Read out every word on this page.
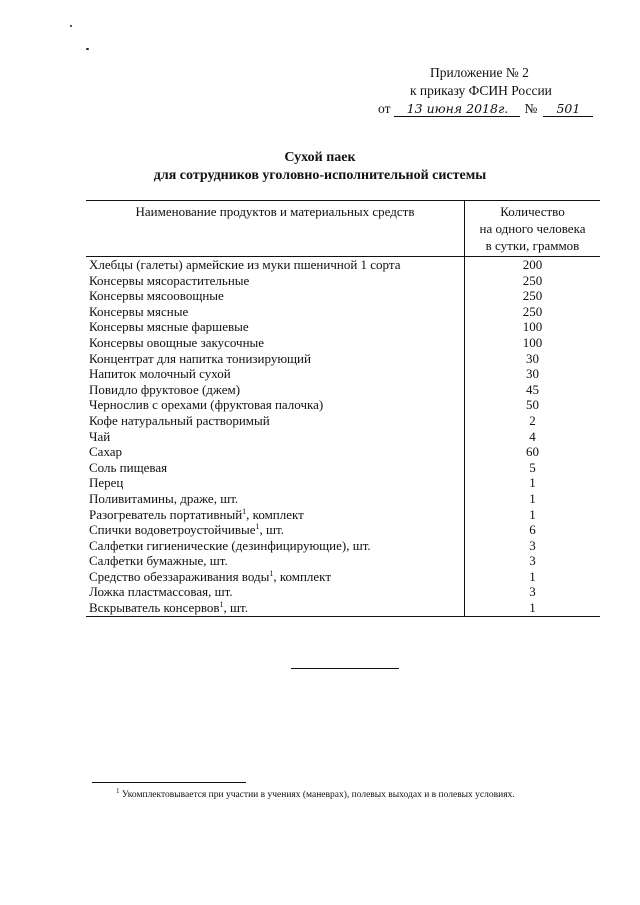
Приложение № 2
к приказу ФСИН России
от	13 июня 2018г.	№	501
Сухой паек
для сотрудников уголовно-исполнительной системы
Наименование продуктов и материальных средств	Количество
на одного человека
в сутки, граммов

Хлебцы (галеты) армейские из муки пшеничной 1 сорта	200
Консервы мясорастительные	250
Консервы мясоовощные	250
Консервы мясные	250
Консервы мясные фаршевые	100
Консервы овощные закусочные	100
Концентрат для напитка тонизирующий	30
Напиток молочный сухой	30
Повидло фруктовое (джем)	45
Чернослив с орехами (фруктовая палочка)	50
Кофе натуральный растворимый	2
Чай	4
Сахар	60
Соль пищевая	5
Перец	1
Поливитамины, драже, шт.	1
Разогреватель портативный$^1$, комплект	1
Спички водоветроустойчивые$^1$, шт.	6
Салфетки гигиенические (дезинфицирующие), шт.	3
Салфетки бумажные, шт.	3
Средство обеззараживания воды$^1$, комплект	1
Ложка пластмассовая, шт.	3
Вскрыватель консервов$^1$, шт.	1
$^1$ Укомплектовывается при участии в учениях (маневрах), полевых выходах и в полевых условиях.
